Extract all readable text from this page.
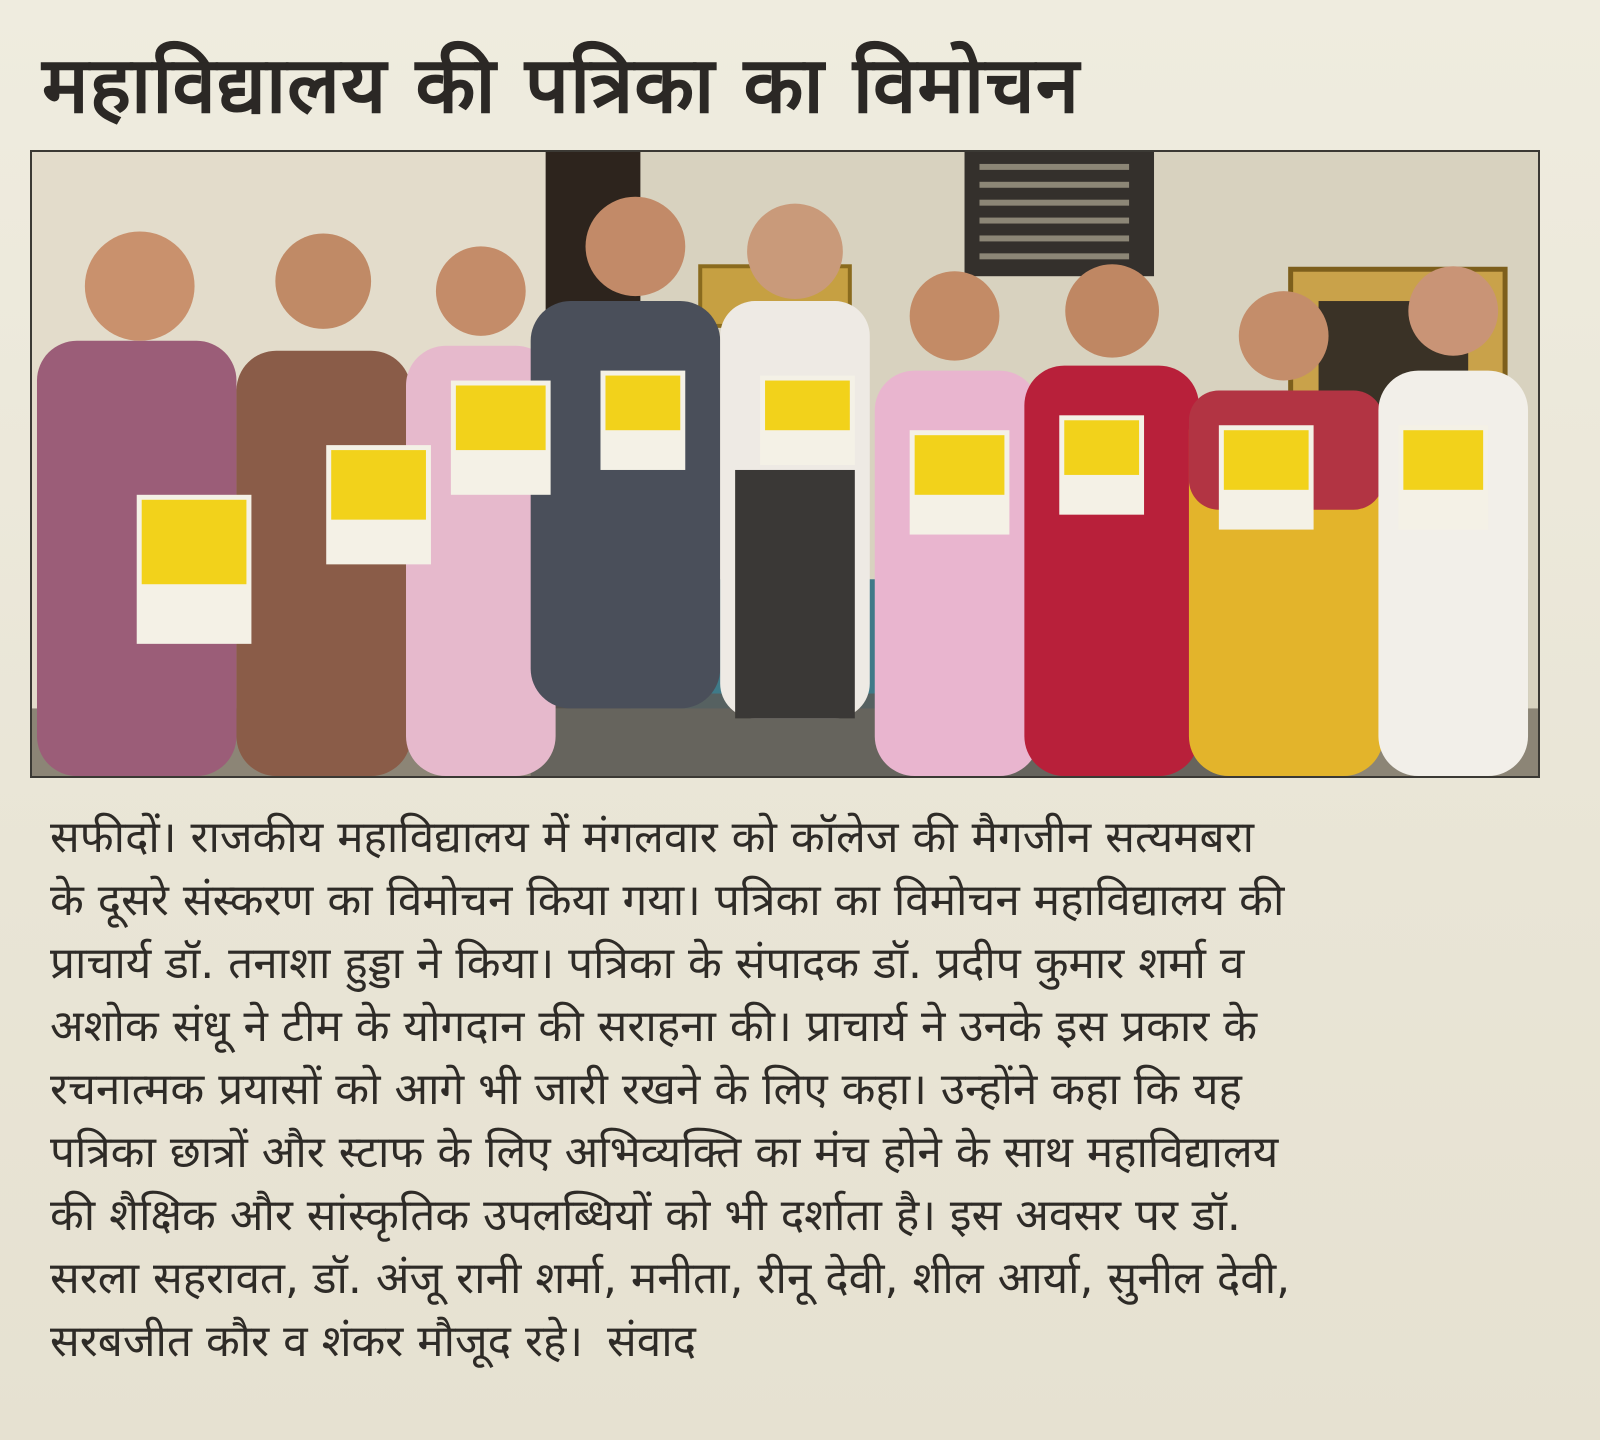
महाविद्यालय की पत्रिका का विमोचन
सफीदों। राजकीय महाविद्यालय में मंगलवार को कॉलेज की मैगजीन सत्यमबरा
के दूसरे संस्करण का विमोचन किया गया। पत्रिका का विमोचन महाविद्यालय की
प्राचार्य डॉ. तनाशा हुड्डा ने किया। पत्रिका के संपादक डॉ. प्रदीप कुमार शर्मा व
अशोक संधू ने टीम के योगदान की सराहना की। प्राचार्य ने उनके इस प्रकार के
रचनात्मक प्रयासों को आगे भी जारी रखने के लिए कहा। उन्होंने कहा कि यह
पत्रिका छात्रों और स्टाफ के लिए अभिव्यक्ति का मंच होने के साथ महाविद्यालय
की शैक्षिक और सांस्कृतिक उपलब्धियों को भी दर्शाता है। इस अवसर पर डॉ.
सरला सहरावत, डॉ. अंजू रानी शर्मा, मनीता, रीनू देवी, शील आर्या, सुनील देवी,
सरबजीत कौर व शंकर मौजूद रहे। संवाद
